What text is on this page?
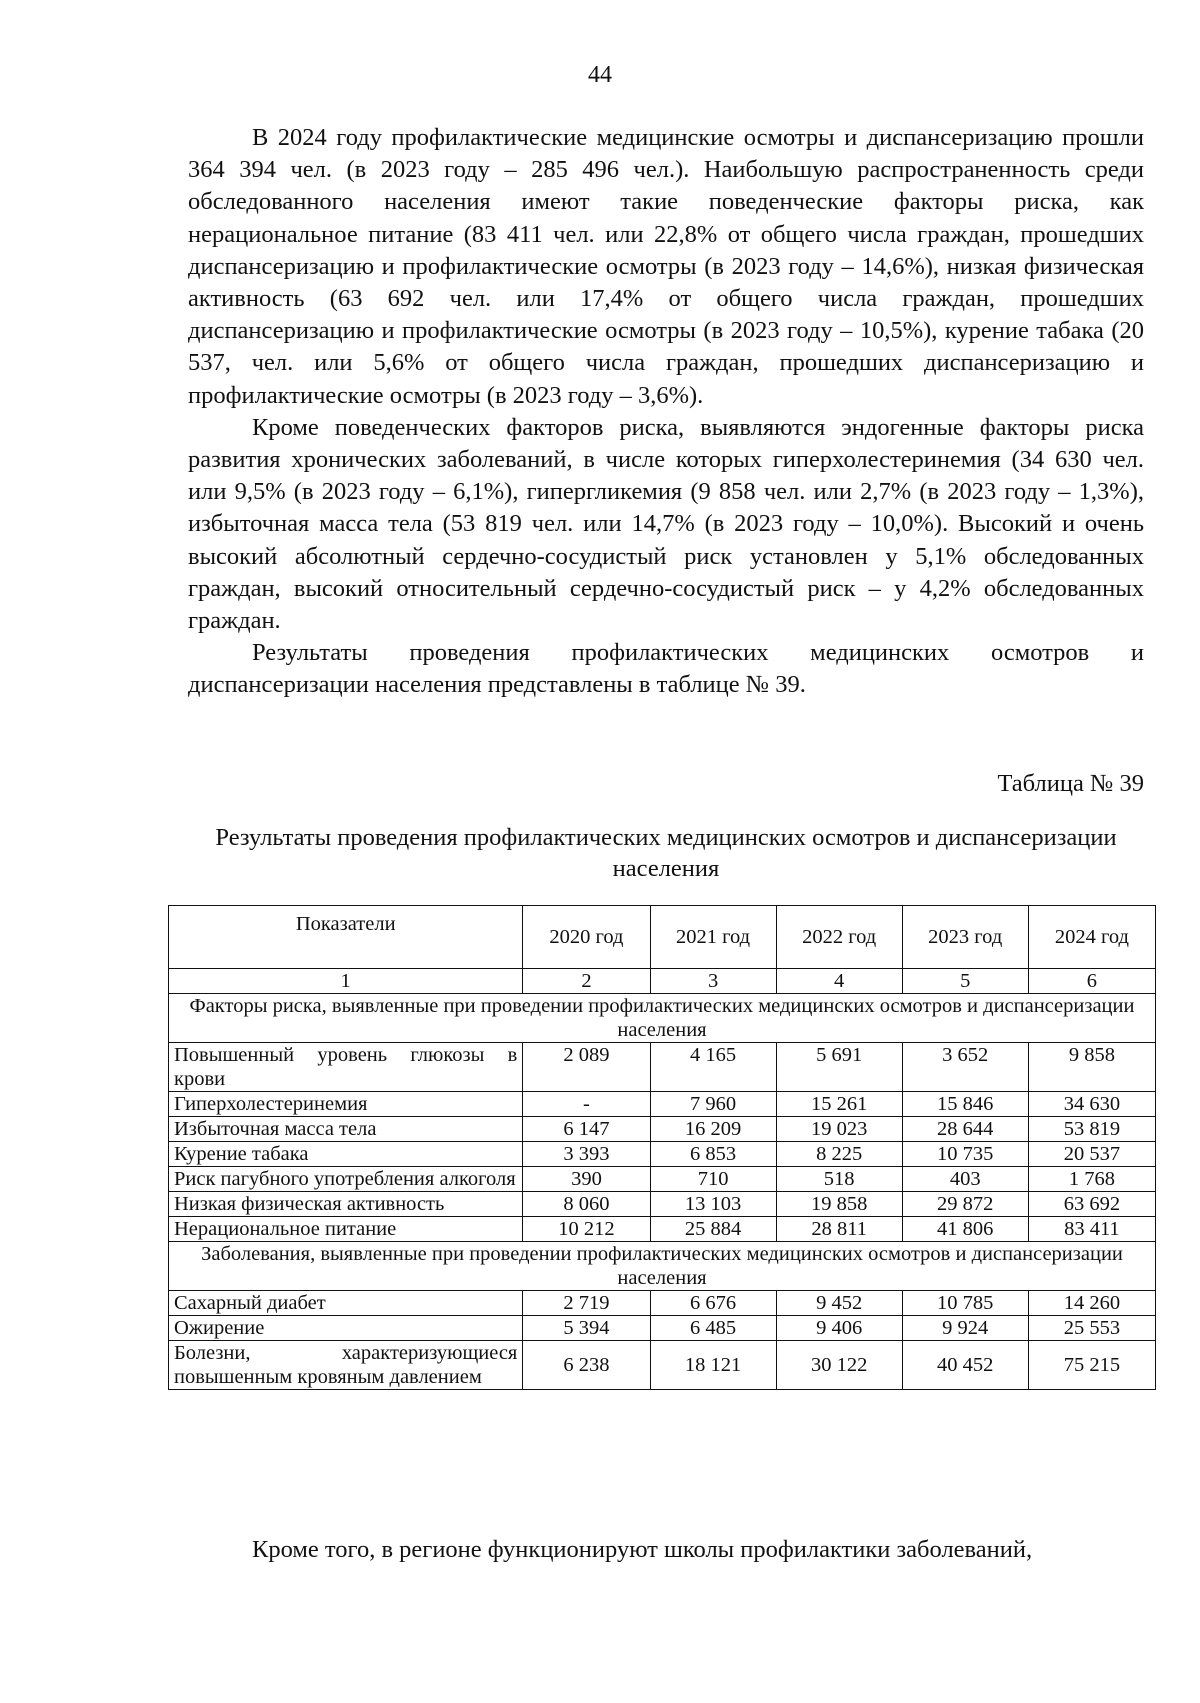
44

В 2024 году профилактические медицинские осмотры и диспансеризацию прошли 364 394 чел. (в 2023 году – 285 496 чел.). Наибольшую распространенность среди обследованного населения имеют такие поведенческие факторы риска, как нерациональное питание (83 411 чел. или 22,8% от общего числа граждан, прошедших диспансеризацию и профилактические осмотры (в 2023 году – 14,6%), низкая физическая активность (63 692 чел. или 17,4% от общего числа граждан, прошедших диспансеризацию и профилактические осмотры (в 2023 году – 10,5%), курение табака (20 537, чел. или 5,6% от общего числа граждан, прошедших диспансеризацию и профилактические осмотры (в 2023 году – 3,6%).

Кроме поведенческих факторов риска, выявляются эндогенные факторы риска развития хронических заболеваний, в числе которых гиперхолестеринемия (34 630 чел. или 9,5% (в 2023 году – 6,1%), гипергликемия (9 858 чел. или 2,7% (в 2023 году – 1,3%), избыточная масса тела (53 819 чел. или 14,7% (в 2023 году – 10,0%). Высокий и очень высокий абсолютный сердечно-сосудистый риск установлен у 5,1% обследованных граждан, высокий относительный сердечно-сосудистый риск – у 4,2% обследованных граждан.

Результаты проведения профилактических медицинских осмотров и диспансеризации населения представлены в таблице № 39.

Таблица № 39
Результаты проведения профилактических медицинских осмотров и диспансеризации населения
Показатели	2020 год	2021 год	2022 год	2023 год	2024 год
1	2	3	4	5	6
Факторы риска, выявленные при проведении профилактических медицинских осмотров и диспансеризации населения					
Повышенный уровень глюкозы в крови	2 089	4 165	5 691	3 652	9 858
Гиперхолестеринемия	-	7 960	15 261	15 846	34 630
Избыточная масса тела	6 147	16 209	19 023	28 644	53 819
Курение табака	3 393	6 853	8 225	10 735	20 537
Риск пагубного употребления алкоголя	390	710	518	403	1 768
Низкая физическая активность	8 060	13 103	19 858	29 872	63 692
Нерациональное питание	10 212	25 884	28 811	41 806	83 411
Заболевания, выявленные при проведении профилактических медицинских осмотров и диспансеризации населения					
Сахарный диабет	2 719	6 676	9 452	10 785	14 260
Ожирение	5 394	6 485	9 406	9 924	25 553
Болезни, характеризующиеся повышенным кровяным давлением	6 238	18 121	30 122	40 452	75 215
Кроме того, в регионе функционируют школы профилактики заболеваний,
